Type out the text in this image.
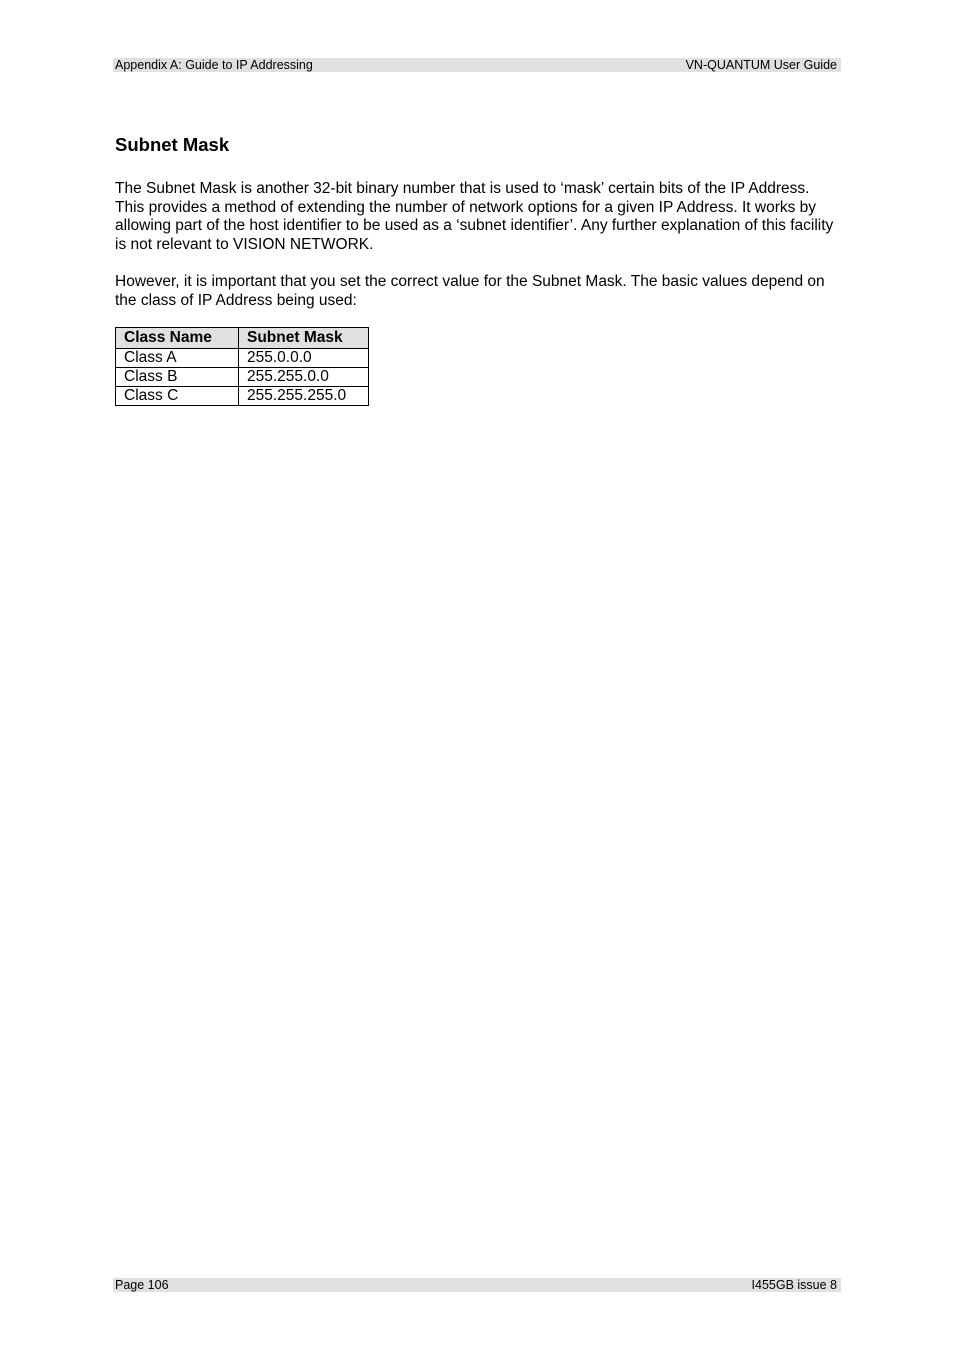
Appendix A: Guide to IP Addressing	VN-QUANTUM User Guide
Subnet Mask

The Subnet Mask is another 32-bit binary number that is used to ‘mask’ certain bits of the IP Address. This provides a method of extending the number of network options for a given IP Address. It works by allowing part of the host identifier to be used as a ‘subnet identifier’. Any further explanation of this facility is not relevant to VISION NETWORK.

However, it is important that you set the correct value for the Subnet Mask. The basic values depend on the class of IP Address being used:

Class Name	Subnet Mask
Class A	255.0.0.0
Class B	255.255.0.0
Class C	255.255.255.0
Page 106	I455GB issue 8
